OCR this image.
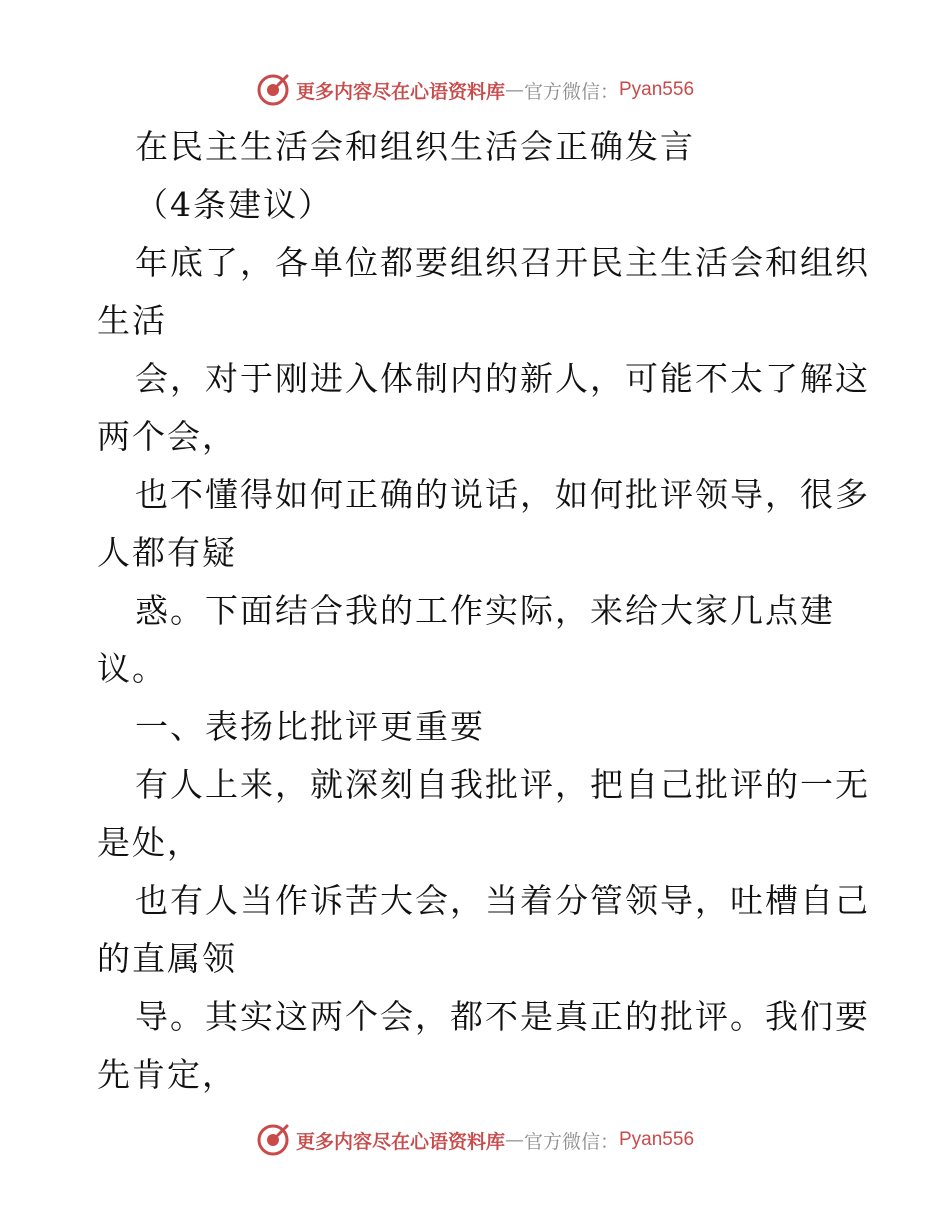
更多内容尽在心语资料库 — 官方微信： Pyan556
在民主生活会和组织生活会正确发言
（4条建议）
年底了，各单位都要组织召开民主生活会和组织
生活
会，对于刚进入体制内的新人，可能不太了解这
两个会，
也不懂得如何正确的说话，如何批评领导，很多
人都有疑
惑。下面结合我的工作实际，来给大家几点建
议。
一、表扬比批评更重要
有人上来，就深刻自我批评，把自己批评的一无
是处，
也有人当作诉苦大会，当着分管领导，吐槽自己
的直属领
导。其实这两个会，都不是真正的批评。我们要
先肯定，
更多内容尽在心语资料库 — 官方微信： Pyan556
